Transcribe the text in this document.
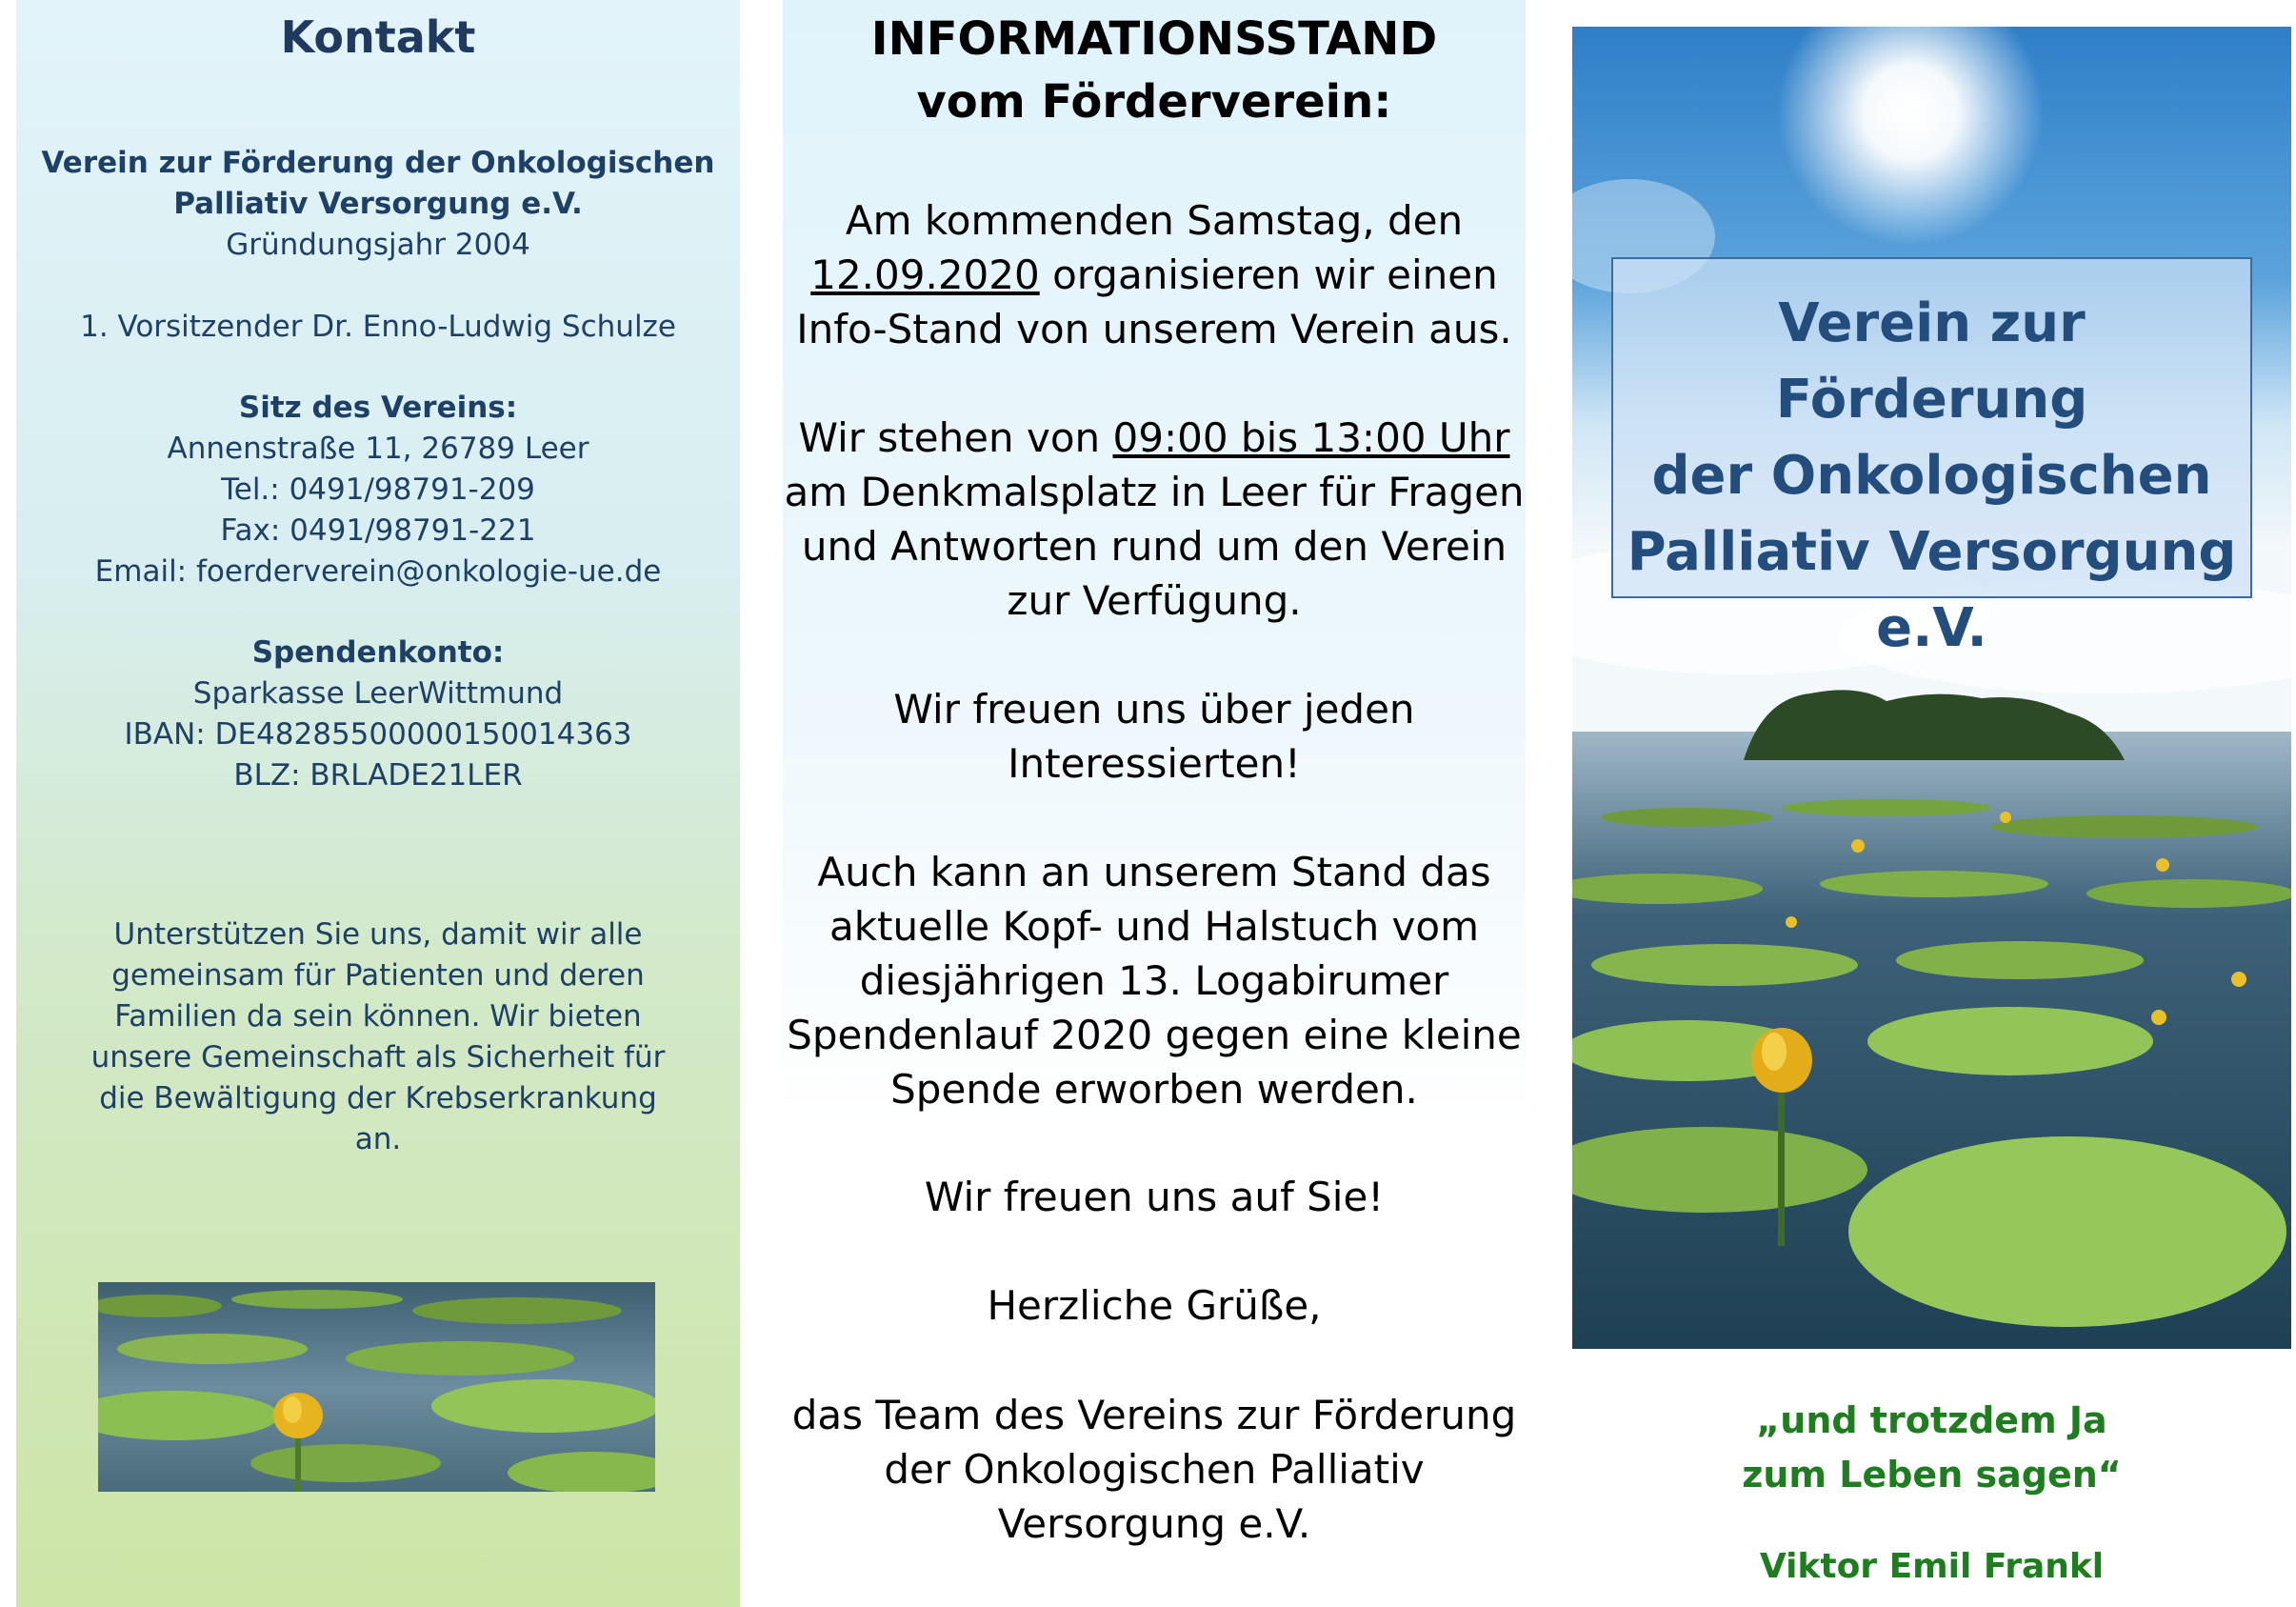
Kontakt
Verein zur Förderung der Onkologischen
Palliativ Versorgung e.V.
Gründungsjahr 2004
1. Vorsitzender Dr. Enno-Ludwig Schulze
Sitz des Vereins:
Annenstraße 11, 26789 Leer
Tel.: 0491/98791-209
Fax: 0491/98791-221
Email: foerderverein@onkologie-ue.de
Spendenkonto:
Sparkasse LeerWittmund
IBAN: DE48285500000150014363
BLZ: BRLADE21LER
Unterstützen Sie uns, damit wir alle gemeinsam für Patienten und deren Familien da sein können. Wir bieten unsere Gemeinschaft als Sicherheit für die Bewältigung der Krebserkrankung an.
INFORMATIONSSTAND
vom Förderverein:
Am kommenden Samstag, den
12.09.2020 organisieren wir einen
Info-Stand von unserem Verein aus.
Wir stehen von 09:00 bis 13:00 Uhr
am Denkmalsplatz in Leer für Fragen
und Antworten rund um den Verein
zur Verfügung.
Wir freuen uns über jeden
Interessierten!
Auch kann an unserem Stand das
aktuelle Kopf- und Halstuch vom
diesjährigen 13. Logabirumer
Spendenlauf 2020 gegen eine kleine
Spende erworben werden.
Wir freuen uns auf Sie!
Herzliche Grüße,
das Team des Vereins zur Förderung
der Onkologischen Palliativ
Versorgung e.V.
Verein zur Förderung
der Onkologischen
Palliativ Versorgung
e.V.
„und trotzdem Ja
zum Leben sagen“
Viktor Emil Frankl
